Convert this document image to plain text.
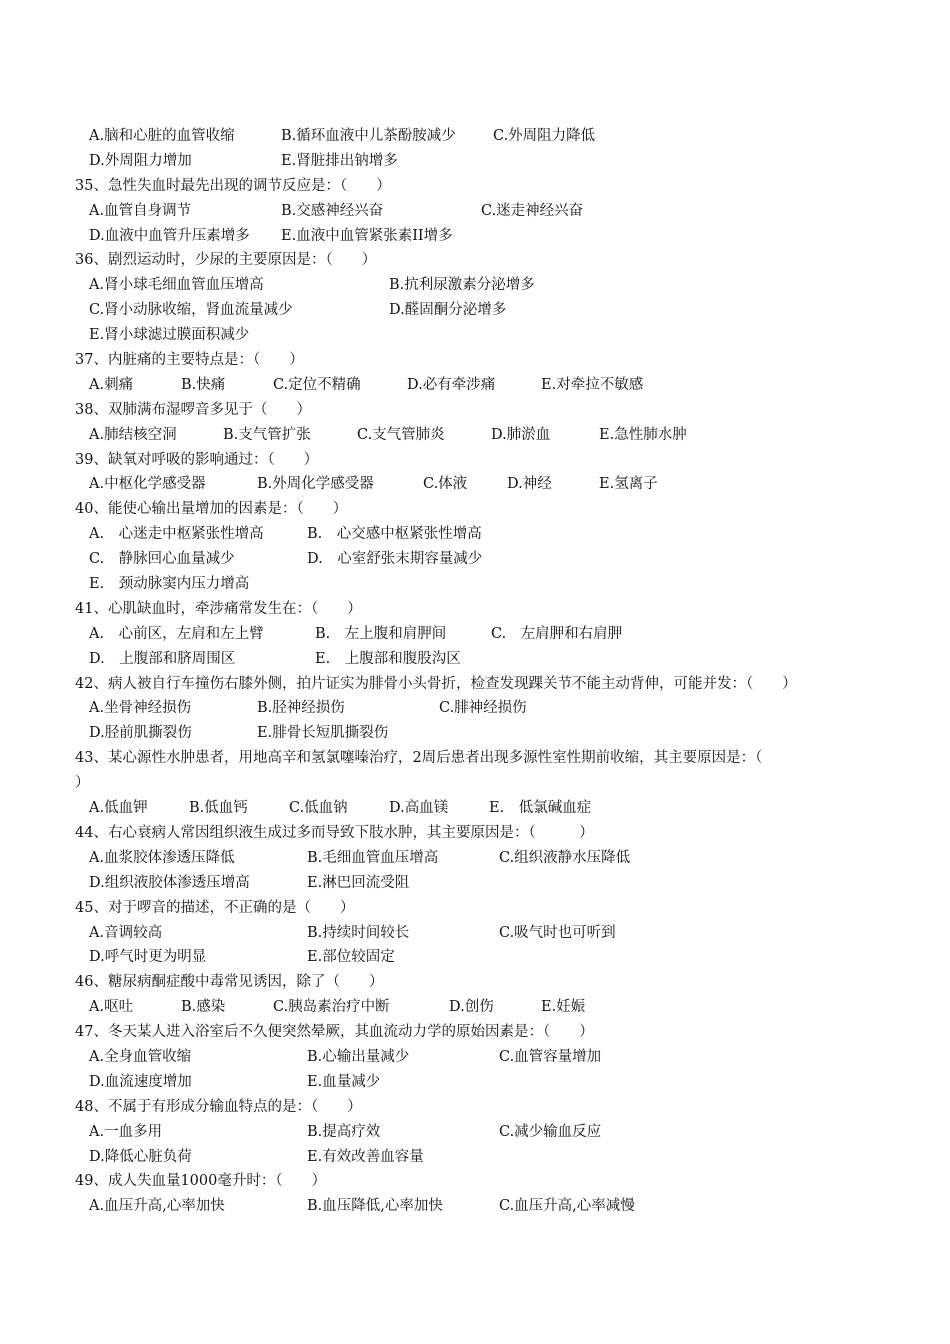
A.脑和心脏的血管收缩	B.循环血液中儿茶酚胺减少	C.外周阻力降低
D.外周阻力增加	E.肾脏排出钠增多
35、急性失血时最先出现的调节反应是：（　　）
A.血管自身调节	B.交感神经兴奋	C.迷走神经兴奋
D.血液中血管升压素增多 E.血液中血管紧张素II增多
36、剧烈运动时，少尿的主要原因是：（　　）
A.肾小球毛细血管血压增高	B.抗利尿激素分泌增多
C.肾小动脉收缩，肾血流量减少	D.醛固酮分泌增多
E.肾小球滤过膜面积减少
37、内脏痛的主要特点是：（　　）
A.刺痛	B.快痛	C.定位不精确	D.必有牵涉痛	E.对牵拉不敏感
38、双肺满布湿啰音多见于（　　）
A.肺结核空洞	B.支气管扩张	C.支气管肺炎	D.肺淤血	E.急性肺水肿
39、缺氧对呼吸的影响通过：（　　）
A.中枢化学感受器	B.外周化学感受器	C.体液	D.神经	E.氢离子
40、能使心输出量增加的因素是：（　　）
A.　心迷走中枢紧张性增高	B.　心交感中枢紧张性增高
C.　静脉回心血量减少	D.　心室舒张末期容量减少
E.　颈动脉窦内压力增高
41、心肌缺血时，牵涉痛常发生在：（　　）
A.　心前区，左肩和左上臂	B.　左上腹和肩胛间	C.　左肩胛和右肩胛
D.　上腹部和脐周围区	E.　上腹部和腹股沟区
42、病人被自行车撞伤右膝外侧，拍片证实为腓骨小头骨折，检查发现踝关节不能主动背伸，可能并发：（　　）
A.坐骨神经损伤	B.胫神经损伤	C.腓神经损伤
D.胫前肌撕裂伤	E.腓骨长短肌撕裂伤
43、某心源性水肿患者，用地高辛和氢氯噻嗪治疗，2周后患者出现多源性室性期前收缩，其主要原因是：（
）
A.低血钾	B.低血钙	C.低血钠	D.高血镁	E.　低氯碱血症
44、右心衰病人常因组织液生成过多而导致下肢水肿，其主要原因是：（　　　）
A.血浆胶体渗透压降低	B.毛细血管血压增高	C.组织液静水压降低
D.组织液胶体渗透压增高	E.淋巴回流受阻
45、对于啰音的描述，不正确的是（　　）
A.音调较高	B.持续时间较长	C.吸气时也可听到
D.呼气时更为明显	E.部位较固定
46、糖尿病酮症酸中毒常见诱因，除了（　　）
A.呕吐	B.感染	C.胰岛素治疗中断	D.创伤	E.妊娠
47、冬天某人进入浴室后不久便突然晕厥，其血流动力学的原始因素是：（　　）
A.全身血管收缩	B.心输出量减少	C.血管容量增加
D.血流速度增加	E.血量减少
48、不属于有形成分输血特点的是：（　　）
A.一血多用	B.提高疗效	C.减少输血反应
D.降低心脏负荷	E.有效改善血容量
49、成人失血量1000毫升时：（　　）
A.血压升高,心率加快	B.血压降低,心率加快	C.血压升高,心率减慢
